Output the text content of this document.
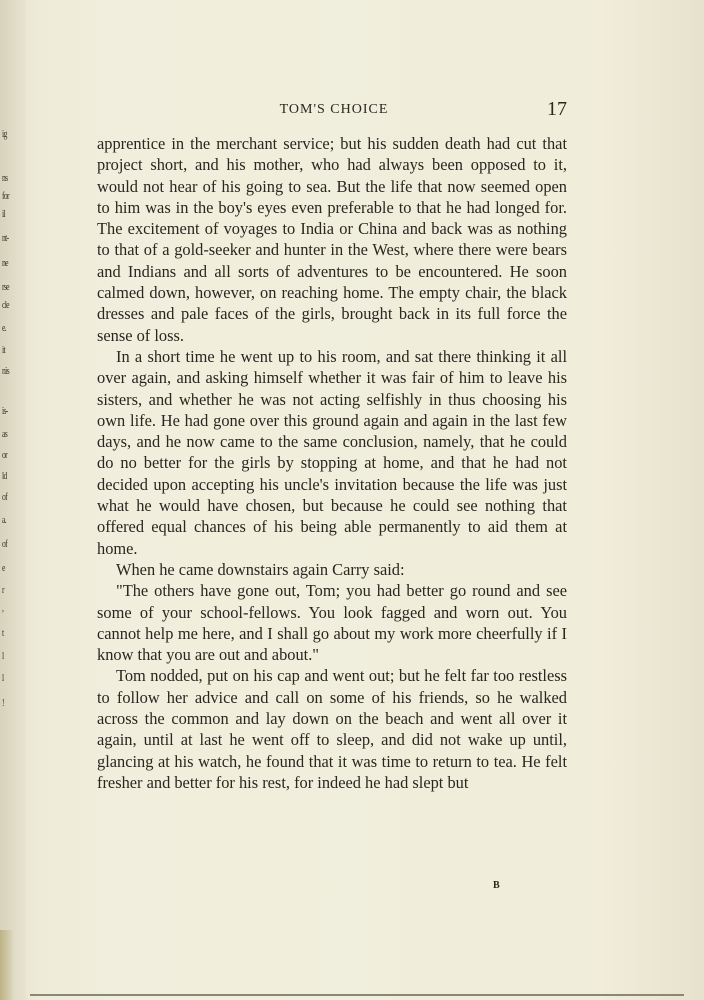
ig
ns
for
il
nt-
ne
rse
cle
e.
it
nis
is-
as
or
ld
of
a.
of
e
r
,
t
l
l
!
TOM'S CHOICE	17

apprentice in the merchant service; but his sudden death had cut that project short, and his mother, who had always been opposed to it, would not hear of his going to sea. But the life that now seemed open to him was in the boy's eyes even preferable to that he had longed for. The excitement of voyages to India or China and back was as nothing to that of a gold-seeker and hunter in the West, where there were bears and Indians and all sorts of adventures to be encountered. He soon calmed down, however, on reaching home. The empty chair, the black dresses and pale faces of the girls, brought back in its full force the sense of loss.

In a short time he went up to his room, and sat there thinking it all over again, and asking himself whether it was fair of him to leave his sisters, and whether he was not acting selfishly in thus choosing his own life. He had gone over this ground again and again in the last few days, and he now came to the same conclusion, namely, that he could do no better for the girls by stopping at home, and that he had not decided upon accepting his uncle's invitation because the life was just what he would have chosen, but because he could see nothing that offered equal chances of his being able permanently to aid them at home.

When he came downstairs again Carry said:

"The others have gone out, Tom; you had better go round and see some of your school-fellows. You look fagged and worn out. You cannot help me here, and I shall go about my work more cheerfully if I know that you are out and about."

Tom nodded, put on his cap and went out; but he felt far too restless to follow her advice and call on some of his friends, so he walked across the common and lay down on the beach and went all over it again, until at last he went off to sleep, and did not wake up until, glancing at his watch, he found that it was time to return to tea. He felt fresher and better for his rest, for indeed he had slept but

B
